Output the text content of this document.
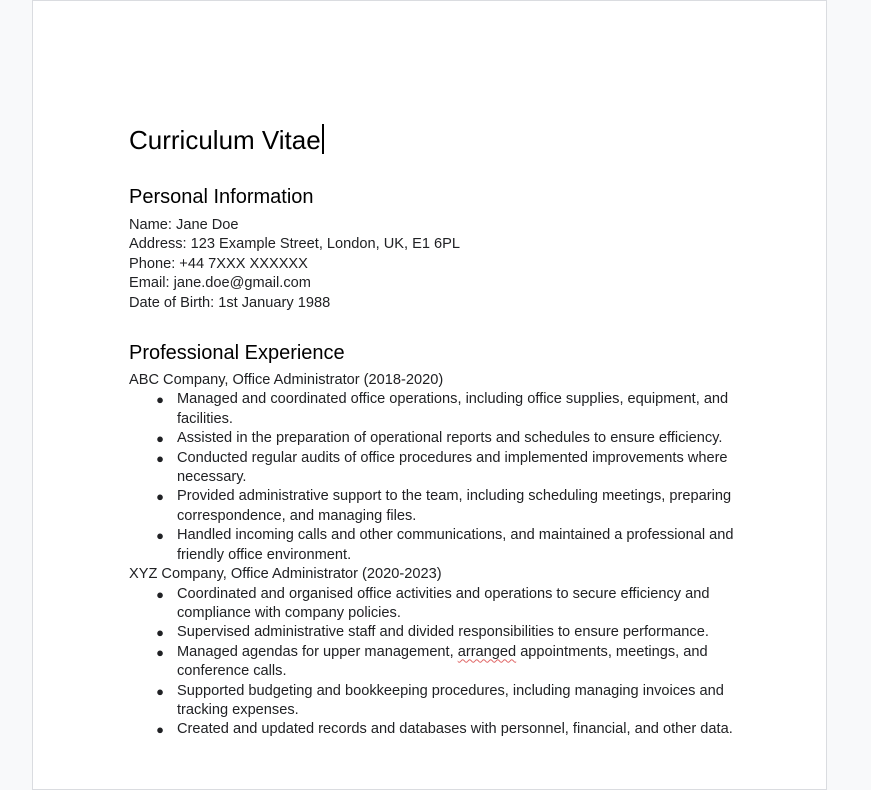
Curriculum Vitae
Personal Information
Name: Jane Doe
Address: 123 Example Street, London, UK, E1 6PL
Phone: +44 7XXX XXXXXX
Email: jane.doe@gmail.com
Date of Birth: 1st January 1988
Professional Experience
ABC Company, Office Administrator (2018-2020)
● Managed and coordinated office operations, including office supplies, equipment, and facilities.
● Assisted in the preparation of operational reports and schedules to ensure efficiency.
● Conducted regular audits of office procedures and implemented improvements where necessary.
● Provided administrative support to the team, including scheduling meetings, preparing correspondence, and managing files.
● Handled incoming calls and other communications, and maintained a professional and friendly office environment.
XYZ Company, Office Administrator (2020-2023)
● Coordinated and organised office activities and operations to secure efficiency and compliance with company policies.
● Supervised administrative staff and divided responsibilities to ensure performance.
● Managed agendas for upper management, arranged appointments, meetings, and conference calls.
● Supported budgeting and bookkeeping procedures, including managing invoices and tracking expenses.
● Created and updated records and databases with personnel, financial, and other data.
